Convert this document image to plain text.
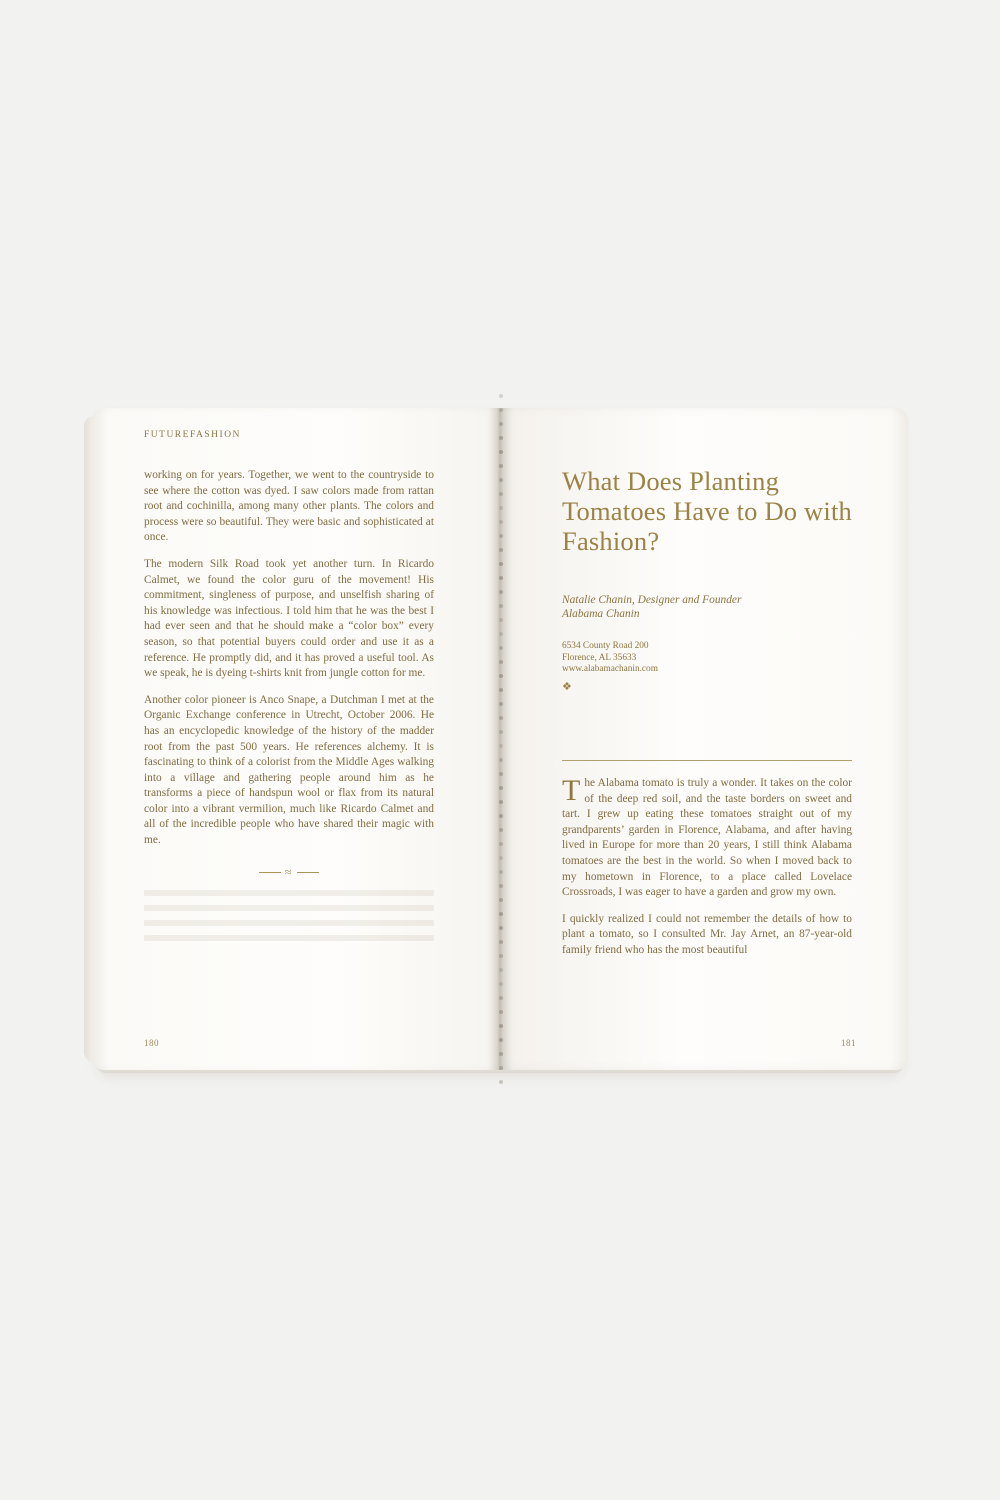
FUTUREFASHION

working on for years. Together, we went to the countryside to see where the cotton was dyed. I saw colors made from rattan root and cochinilla, among many other plants. The colors and process were so beautiful. They were basic and sophisticated at once.

The modern Silk Road took yet another turn. In Ricardo Calmet, we found the color guru of the movement! His commitment, singleness of purpose, and unselfish sharing of his knowledge was infectious. I told him that he was the best I had ever seen and that he should make a “color box” every season, so that potential buyers could order and use it as a reference. He promptly did, and it has proved a useful tool. As we speak, he is dyeing t-shirts knit from jungle cotton for me.

Another color pioneer is Anco Snape, a Dutchman I met at the Organic Exchange conference in Utrecht, October 2006. He has an encyclopedic knowledge of the history of the madder root from the past 500 years. He references alchemy. It is fascinating to think of a colorist from the Middle Ages walking into a village and gathering people around him as he transforms a piece of handspun wool or flax from its natural color into a vibrant vermilion, much like Ricardo Calmet and all of the incredible people who have shared their magic with me.

≈
180
What Does Planting Tomatoes Have to Do with Fashion?
Natalie Chanin, Designer and Founder
Alabama Chanin
6534 County Road 200
Florence, AL 35633
www.alabamachanin.com
❖

The Alabama tomato is truly a wonder. It takes on the color of the deep red soil, and the taste borders on sweet and tart. I grew up eating these tomatoes straight out of my grandparents’ garden in Florence, Alabama, and after having lived in Europe for more than 20 years, I still think Alabama tomatoes are the best in the world. So when I moved back to my hometown in Florence, to a place called Lovelace Crossroads, I was eager to have a garden and grow my own.

I quickly realized I could not remember the details of how to plant a tomato, so I consulted Mr. Jay Arnet, an 87-year-old family friend who has the most beautiful

181
